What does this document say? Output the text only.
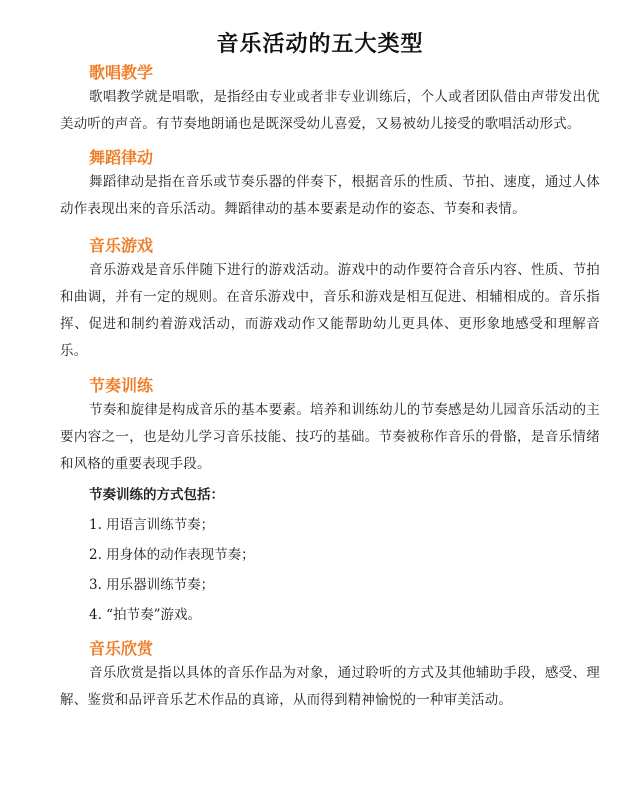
音乐活动的五大类型
歌唱教学

歌唱教学就是唱歌，是指经由专业或者非专业训练后，个人或者团队借由声带发出优美动听的声音。有节奏地朗诵也是既深受幼儿喜爱，又易被幼儿接受的歌唱活动形式。

舞蹈律动

舞蹈律动是指在音乐或节奏乐器的伴奏下，根据音乐的性质、节拍、速度，通过人体动作表现出来的音乐活动。舞蹈律动的基本要素是动作的姿态、节奏和表情。

音乐游戏

音乐游戏是音乐伴随下进行的游戏活动。游戏中的动作要符合音乐内容、性质、节拍和曲调，并有一定的规则。在音乐游戏中，音乐和游戏是相互促进、相辅相成的。音乐指挥、促进和制约着游戏活动，而游戏动作又能帮助幼儿更具体、更形象地感受和理解音乐。

节奏训练

节奏和旋律是构成音乐的基本要素。培养和训练幼儿的节奏感是幼儿园音乐活动的主要内容之一，也是幼儿学习音乐技能、技巧的基础。节奏被称作音乐的骨骼，是音乐情绪和风格的重要表现手段。

节奏训练的方式包括：
1. 用语言训练节奏；
2. 用身体的动作表现节奏；
3. 用乐器训练节奏；
4. “拍节奏”游戏。
音乐欣赏

音乐欣赏是指以具体的音乐作品为对象，通过聆听的方式及其他辅助手段，感受、理解、鉴赏和品评音乐艺术作品的真谛，从而得到精神愉悦的一种审美活动。
